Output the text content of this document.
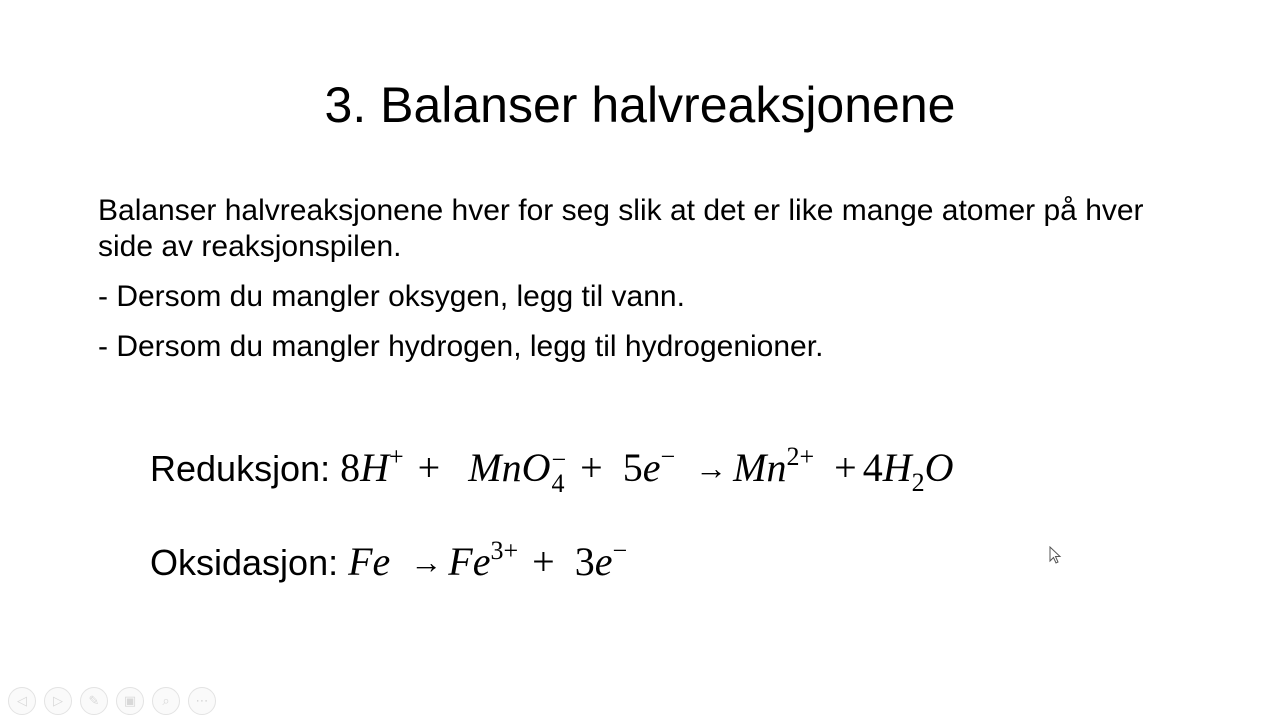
3. Balanser halvreaksjonene

Balanser halvreaksjonene hver for seg slik at det er like mange atomer på hver side av reaksjonspilen.

- Dersom du mangler oksygen, legg til vann.

- Dersom du mangler hydrogen, legg til hydrogenioner.

Reduksjon: 8H+ + MnO −
$4 + 5e^- \to Mn^{2+} + 4H_2O$
Oksidasjon: $Fe \to Fe^{3+} + 3e^-$
◁ ▷ ✎ ▣ ⌕ ⋯
